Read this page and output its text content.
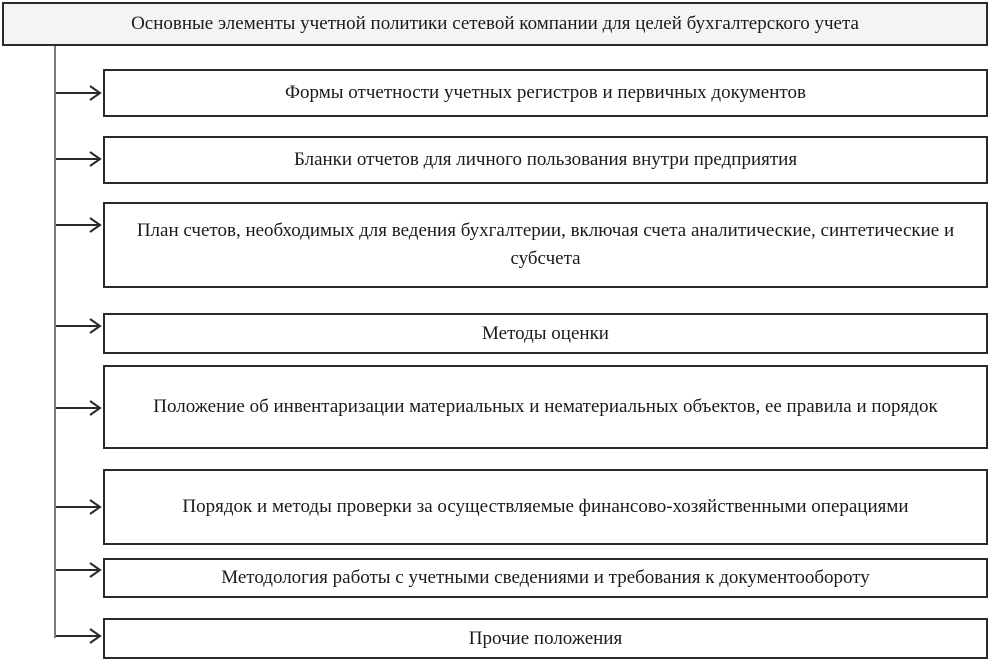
Основные элементы учетной политики сетевой компании для целей бухгалтерского учета
Формы отчетности учетных регистров и первичных документов
Бланки отчетов для личного пользования внутри предприятия
План счетов, необходимых для ведения бухгалтерии, включая счета аналитические, синтетические и субсчета
Методы оценки
Положение об инвентаризации материальных и нематериальных объектов, ее правила и порядок
Порядок и методы проверки за осуществляемые финансово-хозяйственными операциями
Методология работы с учетными сведениями и требования к документообороту
Прочие положения
